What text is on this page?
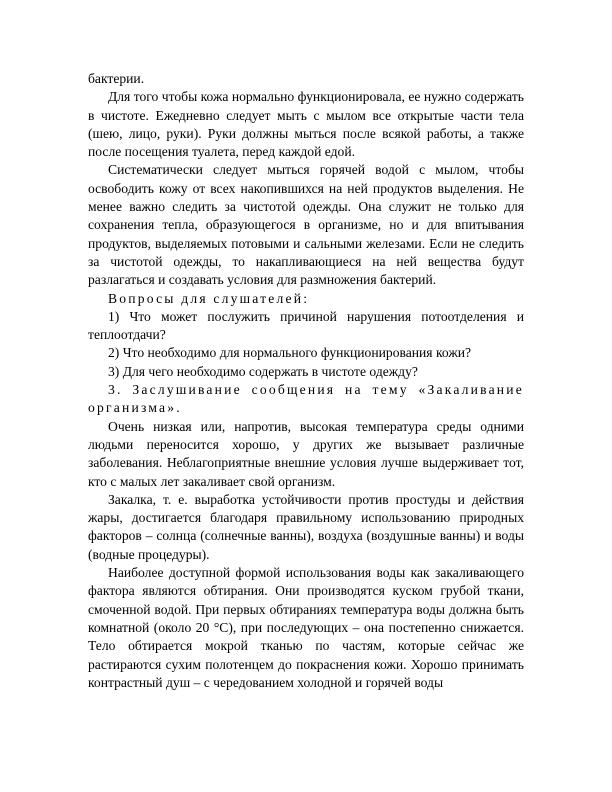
бактерии.

Для того чтобы кожа нормально функционировала, ее нужно содержать в чистоте. Ежедневно следует мыть с мылом все открытые части тела (шею, лицо, руки). Руки должны мыться после всякой работы, а также после посещения туалета, перед каждой едой.

Систематически следует мыться горячей водой с мылом, чтобы освободить кожу от всех накопившихся на ней продуктов выделения. Не менее важно следить за чистотой одежды. Она служит не только для сохранения тепла, образующегося в организме, но и для впитывания продуктов, выделяемых потовыми и сальными железами. Если не следить за чистотой одежды, то накапливающиеся на ней вещества будут разлагаться и создавать условия для размножения бактерий.

Вопросы для слушателей:

1) Что может послужить причиной нарушения потоотделения и теплоотдачи?

2) Что необходимо для нормального функционирования кожи?

3) Для чего необходимо содержать в чистоте одежду?

3. Заслушивание сообщения на тему «Закаливание организма».

Очень низкая или, напротив, высокая температура среды одними людьми переносится хорошо, у других же вызывает различные заболевания. Неблагоприятные внешние условия лучше выдерживает тот, кто с малых лет закаливает свой организм.

Закалка, т. е. выработка устойчивости против простуды и действия жары, достигается благодаря правильному использованию природных факторов – солнца (солнечные ванны), воздуха (воздушные ванны) и воды (водные процедуры).

Наиболее доступной формой использования воды как закаливающего фактора являются обтирания. Они производятся куском грубой ткани, смоченной водой. При первых обтираниях температура воды должна быть комнатной (около 20 °С), при последующих – она постепенно снижается. Тело обтирается мокрой тканью по частям, которые сейчас же растираются сухим полотенцем до покраснения кожи. Хорошо принимать контрастный душ – с чередованием холодной и горячей воды
